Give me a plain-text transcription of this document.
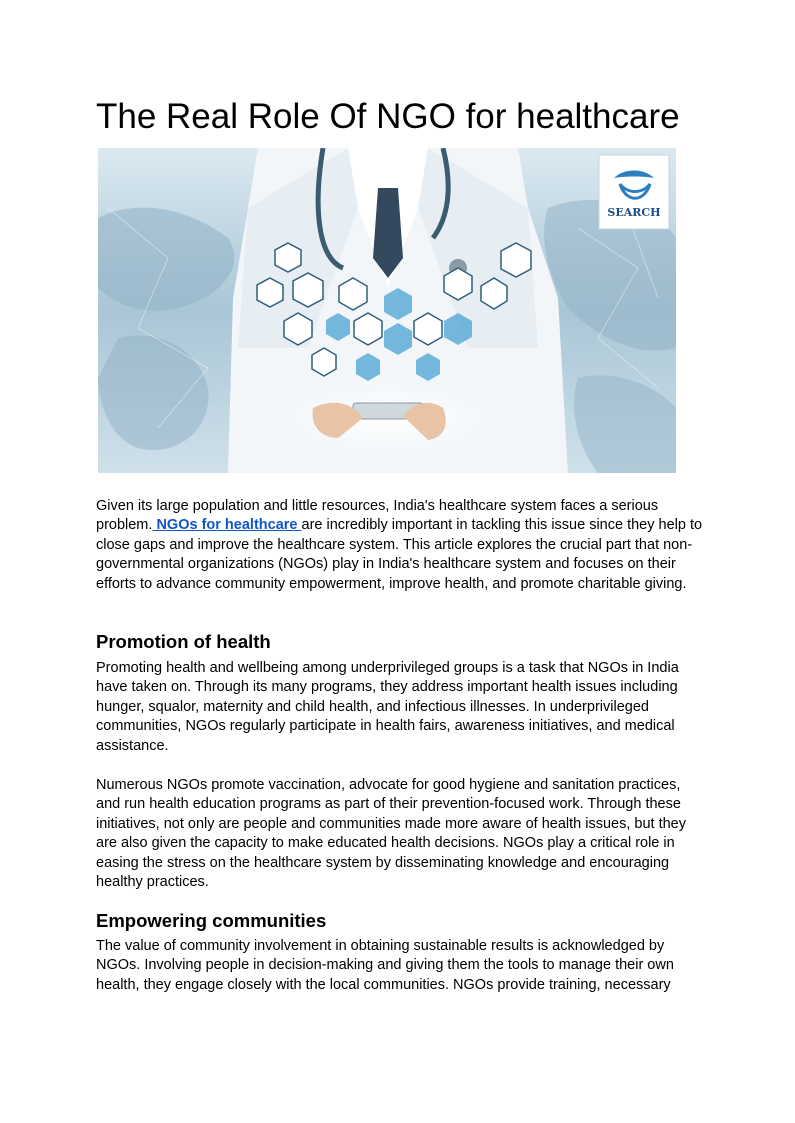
The Real Role Of NGO for healthcare
SEARCH

Given its large population and little resources, India's healthcare system faces a serious problem. NGOs for healthcare are incredibly important in tackling this issue since they help to close gaps and improve the healthcare system. This article explores the crucial part that non-governmental organizations (NGOs) play in India's healthcare system and focuses on their efforts to advance community empowerment, improve health, and promote charitable giving.

Promotion of health

Promoting health and wellbeing among underprivileged groups is a task that NGOs in India have taken on. Through its many programs, they address important health issues including hunger, squalor, maternity and child health, and infectious illnesses. In underprivileged communities, NGOs regularly participate in health fairs, awareness initiatives, and medical assistance.

Numerous NGOs promote vaccination, advocate for good hygiene and sanitation practices, and run health education programs as part of their prevention-focused work. Through these initiatives, not only are people and communities made more aware of health issues, but they are also given the capacity to make educated health decisions. NGOs play a critical role in easing the stress on the healthcare system by disseminating knowledge and encouraging healthy practices.

Empowering communities

The value of community involvement in obtaining sustainable results is acknowledged by NGOs. Involving people in decision-making and giving them the tools to manage their own health, they engage closely with the local communities. NGOs provide training, necessary
